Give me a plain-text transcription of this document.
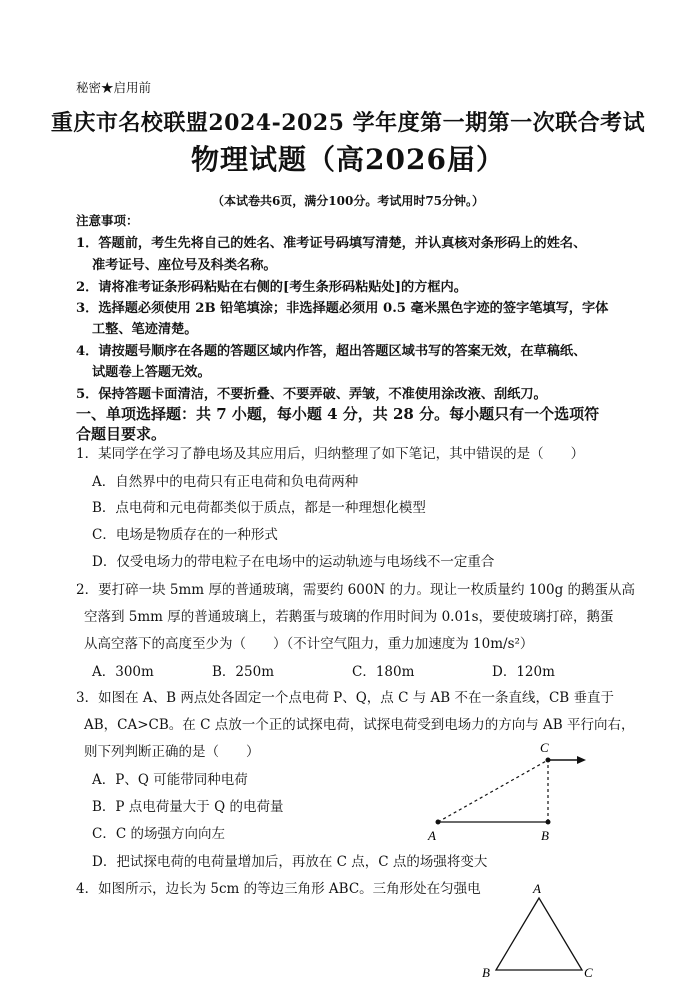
秘密★启用前
重庆市名校联盟2024-2025 学年度第一期第一次联合考试
物理试题（高2026届）
（本试卷共6页，满分100分。考试用时75分钟。）
注意事项：
1．答题前，考生先将自己的姓名、准考证号码填写清楚，并认真核对条形码上的姓名、
准考证号、座位号及科类名称。
2．请将准考证条形码粘贴在右侧的[考生条形码粘贴处]的方框内。
3．选择题必须使用 2B 铅笔填涂；非选择题必须用 0.5 毫米黑色字迹的签字笔填写，字体
工整、笔迹清楚。
4．请按题号顺序在各题的答题区域内作答，超出答题区域书写的答案无效，在草稿纸、
试题卷上答题无效。
5．保持答题卡面清洁，不要折叠、不要弄破、弄皱，不准使用涂改液、刮纸刀。
一、单项选择题：共 7 小题，每小题 4 分，共 28 分。每小题只有一个选项符
合题目要求。
1．某同学在学习了静电场及其应用后，归纳整理了如下笔记，其中错误的是（　　）
A．自然界中的电荷只有正电荷和负电荷两种
B．点电荷和元电荷都类似于质点，都是一种理想化模型
C．电场是物质存在的一种形式
D．仅受电场力的带电粒子在电场中的运动轨迹与电场线不一定重合
2．要打碎一块 5mm 厚的普通玻璃，需要约 600N 的力。现让一枚质量约 100g 的鹅蛋从高
空落到 5mm 厚的普通玻璃上，若鹅蛋与玻璃的作用时间为 0.01s，要使玻璃打碎，鹅蛋
从高空落下的高度至少为（　　）（不计空气阻力，重力加速度为 10m/s²）
A．300m	B．250m	C．180m	D．120m
3．如图在 A、B 两点处各固定一个点电荷 P、Q，点 C 与 AB 不在一条直线，CB 垂直于
AB，CA>CB。在 C 点放一个正的试探电荷，试探电荷受到电场力的方向与 AB 平行向右，
则下列判断正确的是（　　）
A．P、Q 可能带同种电荷
B．P 点电荷量大于 Q 的电荷量
C．C 的场强方向向左
D．把试探电荷的电荷量增加后，再放在 C 点，C 点的场强将变大
A	B
C
4．如图所示，边长为 5cm 的等边三角形 ABC。三角形处在匀强电	A
B	C
